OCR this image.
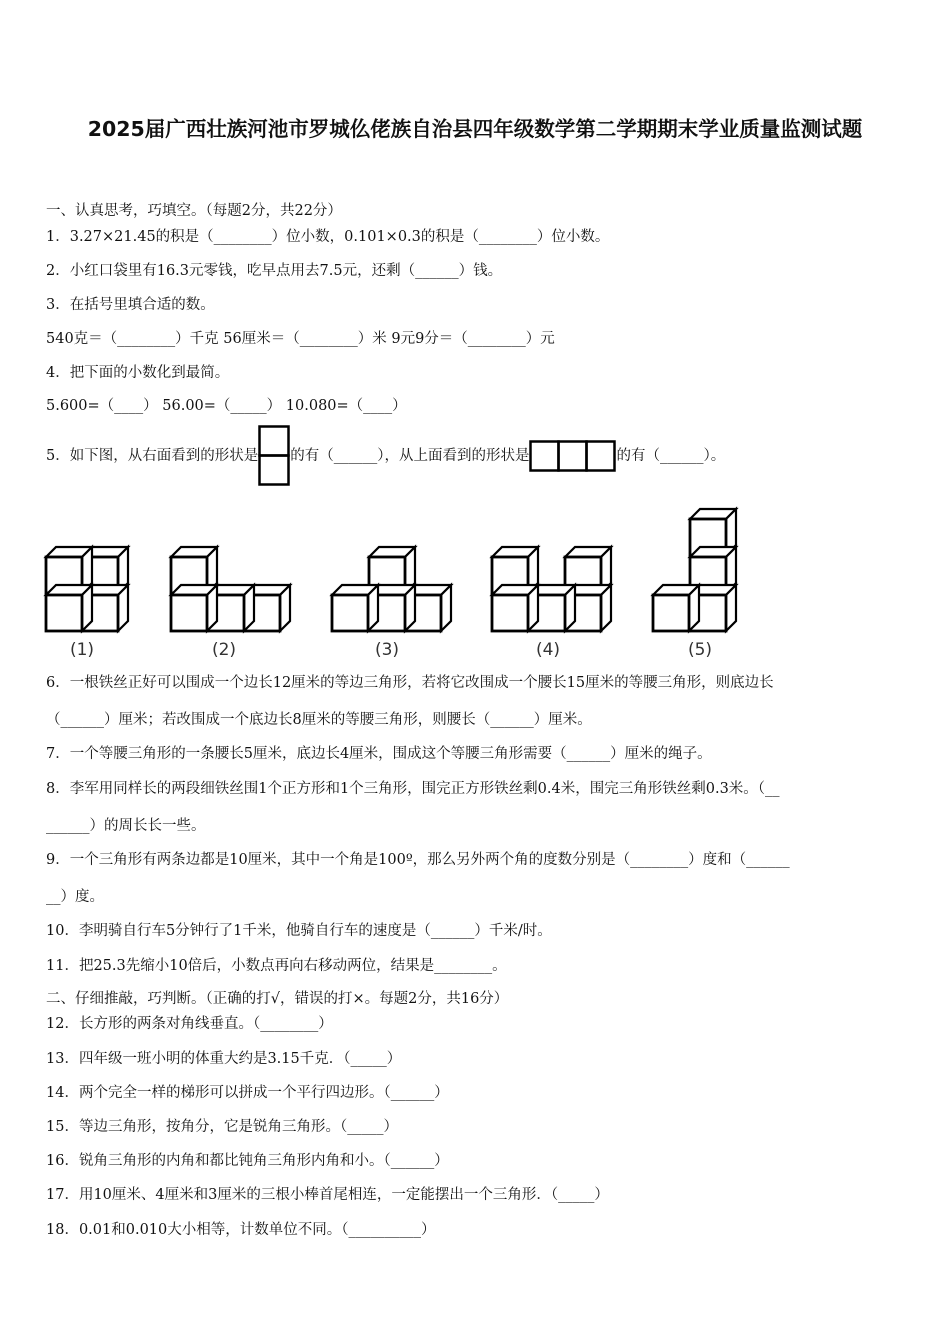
2025届广西壮族河池市罗城仫佬族自治县四年级数学第二学期期末学业质量监测试题
一、认真思考，巧填空。（每题2分，共22分）
1．3.27×21.45的积是（________）位小数，0.101×0.3的积是（________）位小数。
2．小红口袋里有16.3元零钱，吃早点用去7.5元，还剩（______）钱。
3．在括号里填合适的数。
540克＝（________）千克 56厘米＝（________）米 9元9分＝（________）元
4．把下面的小数化到最简。
5.600=（____） 56.00=（_____） 10.080=（____）
5．如下图，从右面看到的形状是 的有（______），从上面看到的形状是	的有（______）。
(1)	(2)	(3)	(4)	(5)
6．一根铁丝正好可以围成一个边长12厘米的等边三角形，若将它改围成一个腰长15厘米的等腰三角形，则底边长
（______）厘米；若改围成一个底边长8厘米的等腰三角形，则腰长（______）厘米。
7．一个等腰三角形的一条腰长5厘米，底边长4厘米，围成这个等腰三角形需要（______）厘米的绳子。
8．李军用同样长的两段细铁丝围1个正方形和1个三角形，围完正方形铁丝剩0.4米，围完三角形铁丝剩0.3米。（__
______）的周长长一些。
9．一个三角形有两条边都是10厘米，其中一个角是100º，那么另外两个角的度数分别是（________）度和（______
__）度。
10．李明骑自行车5分钟行了1千米，他骑自行车的速度是（______）千米/时。
11．把25.3先缩小10倍后，小数点再向右移动两位，结果是________。
二、仔细推敲，巧判断。（正确的打√，错误的打×。每题2分，共16分）
12．长方形的两条对角线垂直。（________）
13．四年级一班小明的体重大约是3.15千克．（_____）
14．两个完全一样的梯形可以拼成一个平行四边形。（______）
15．等边三角形，按角分，它是锐角三角形。（_____）
16．锐角三角形的内角和都比钝角三角形内角和小。（______）
17．用10厘米、4厘米和3厘米的三根小棒首尾相连，一定能摆出一个三角形．（_____）
18．0.01和0.010大小相等，计数单位不同。（__________）
